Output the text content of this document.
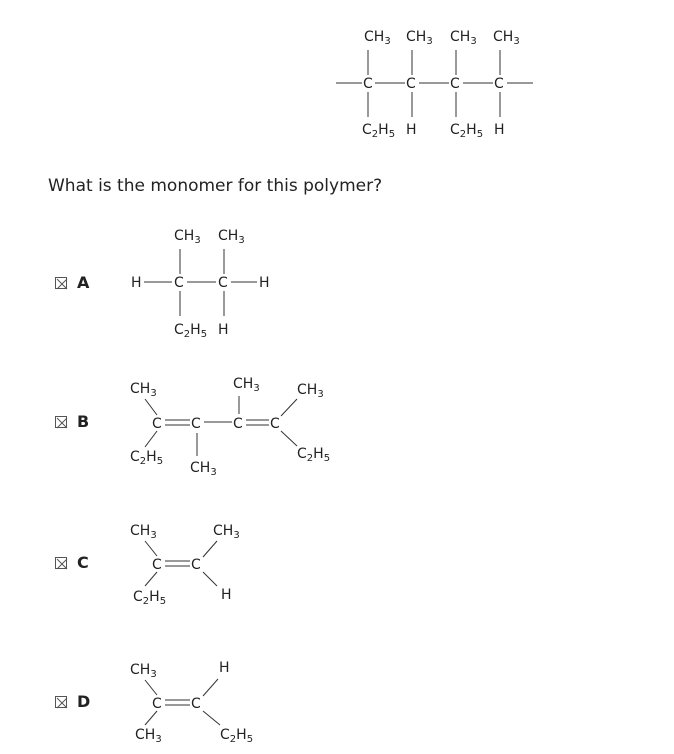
$CH_3$ $CH_3$ $CH_3$ $CH_3$
C C C C
$C_2H_5$ H $C_2H_5$ H
What is the monomer for this polymer?
A
$CH_3$ $CH_3$
H C C H
$C_2H_5$ H
B
$CH_3$
C C
$C_2H_5$ $CH_3$
$CH_3$
C C
$CH_3$
$C_2H_5$
C
$CH_3$
C C
$C_2H_5$
$CH_3$
H
D
$CH_3$
C C
$CH_3$
H
$C_2H_5$
